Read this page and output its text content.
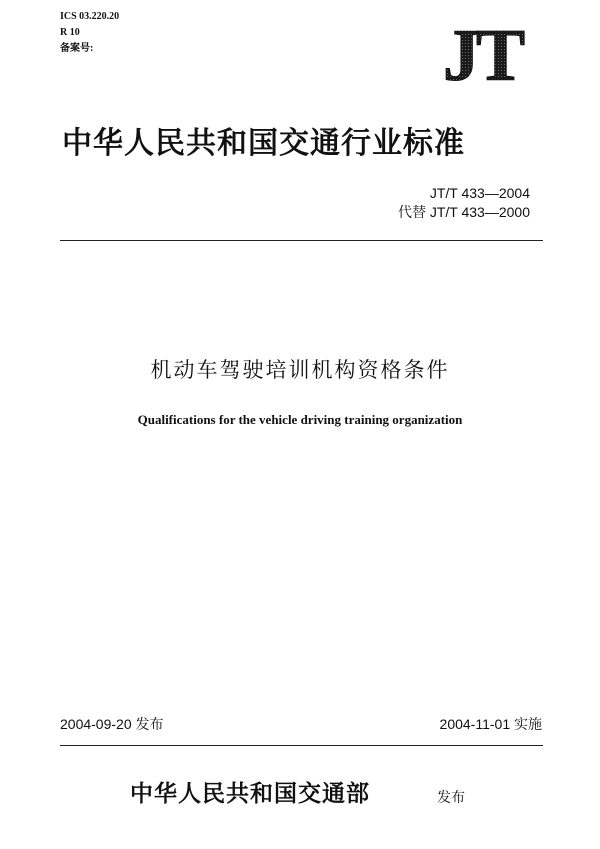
ICS 03.220.20
R 10
备案号:	JT
中华人民共和国交通行业标准
JT/T 433—2004
代替 JT/T 433—2000
机动车驾驶培训机构资格条件
Qualifications for the vehicle driving training organization
2004-09-20 发布	2004-11-01 实施
中华人民共和国交通部	发布
